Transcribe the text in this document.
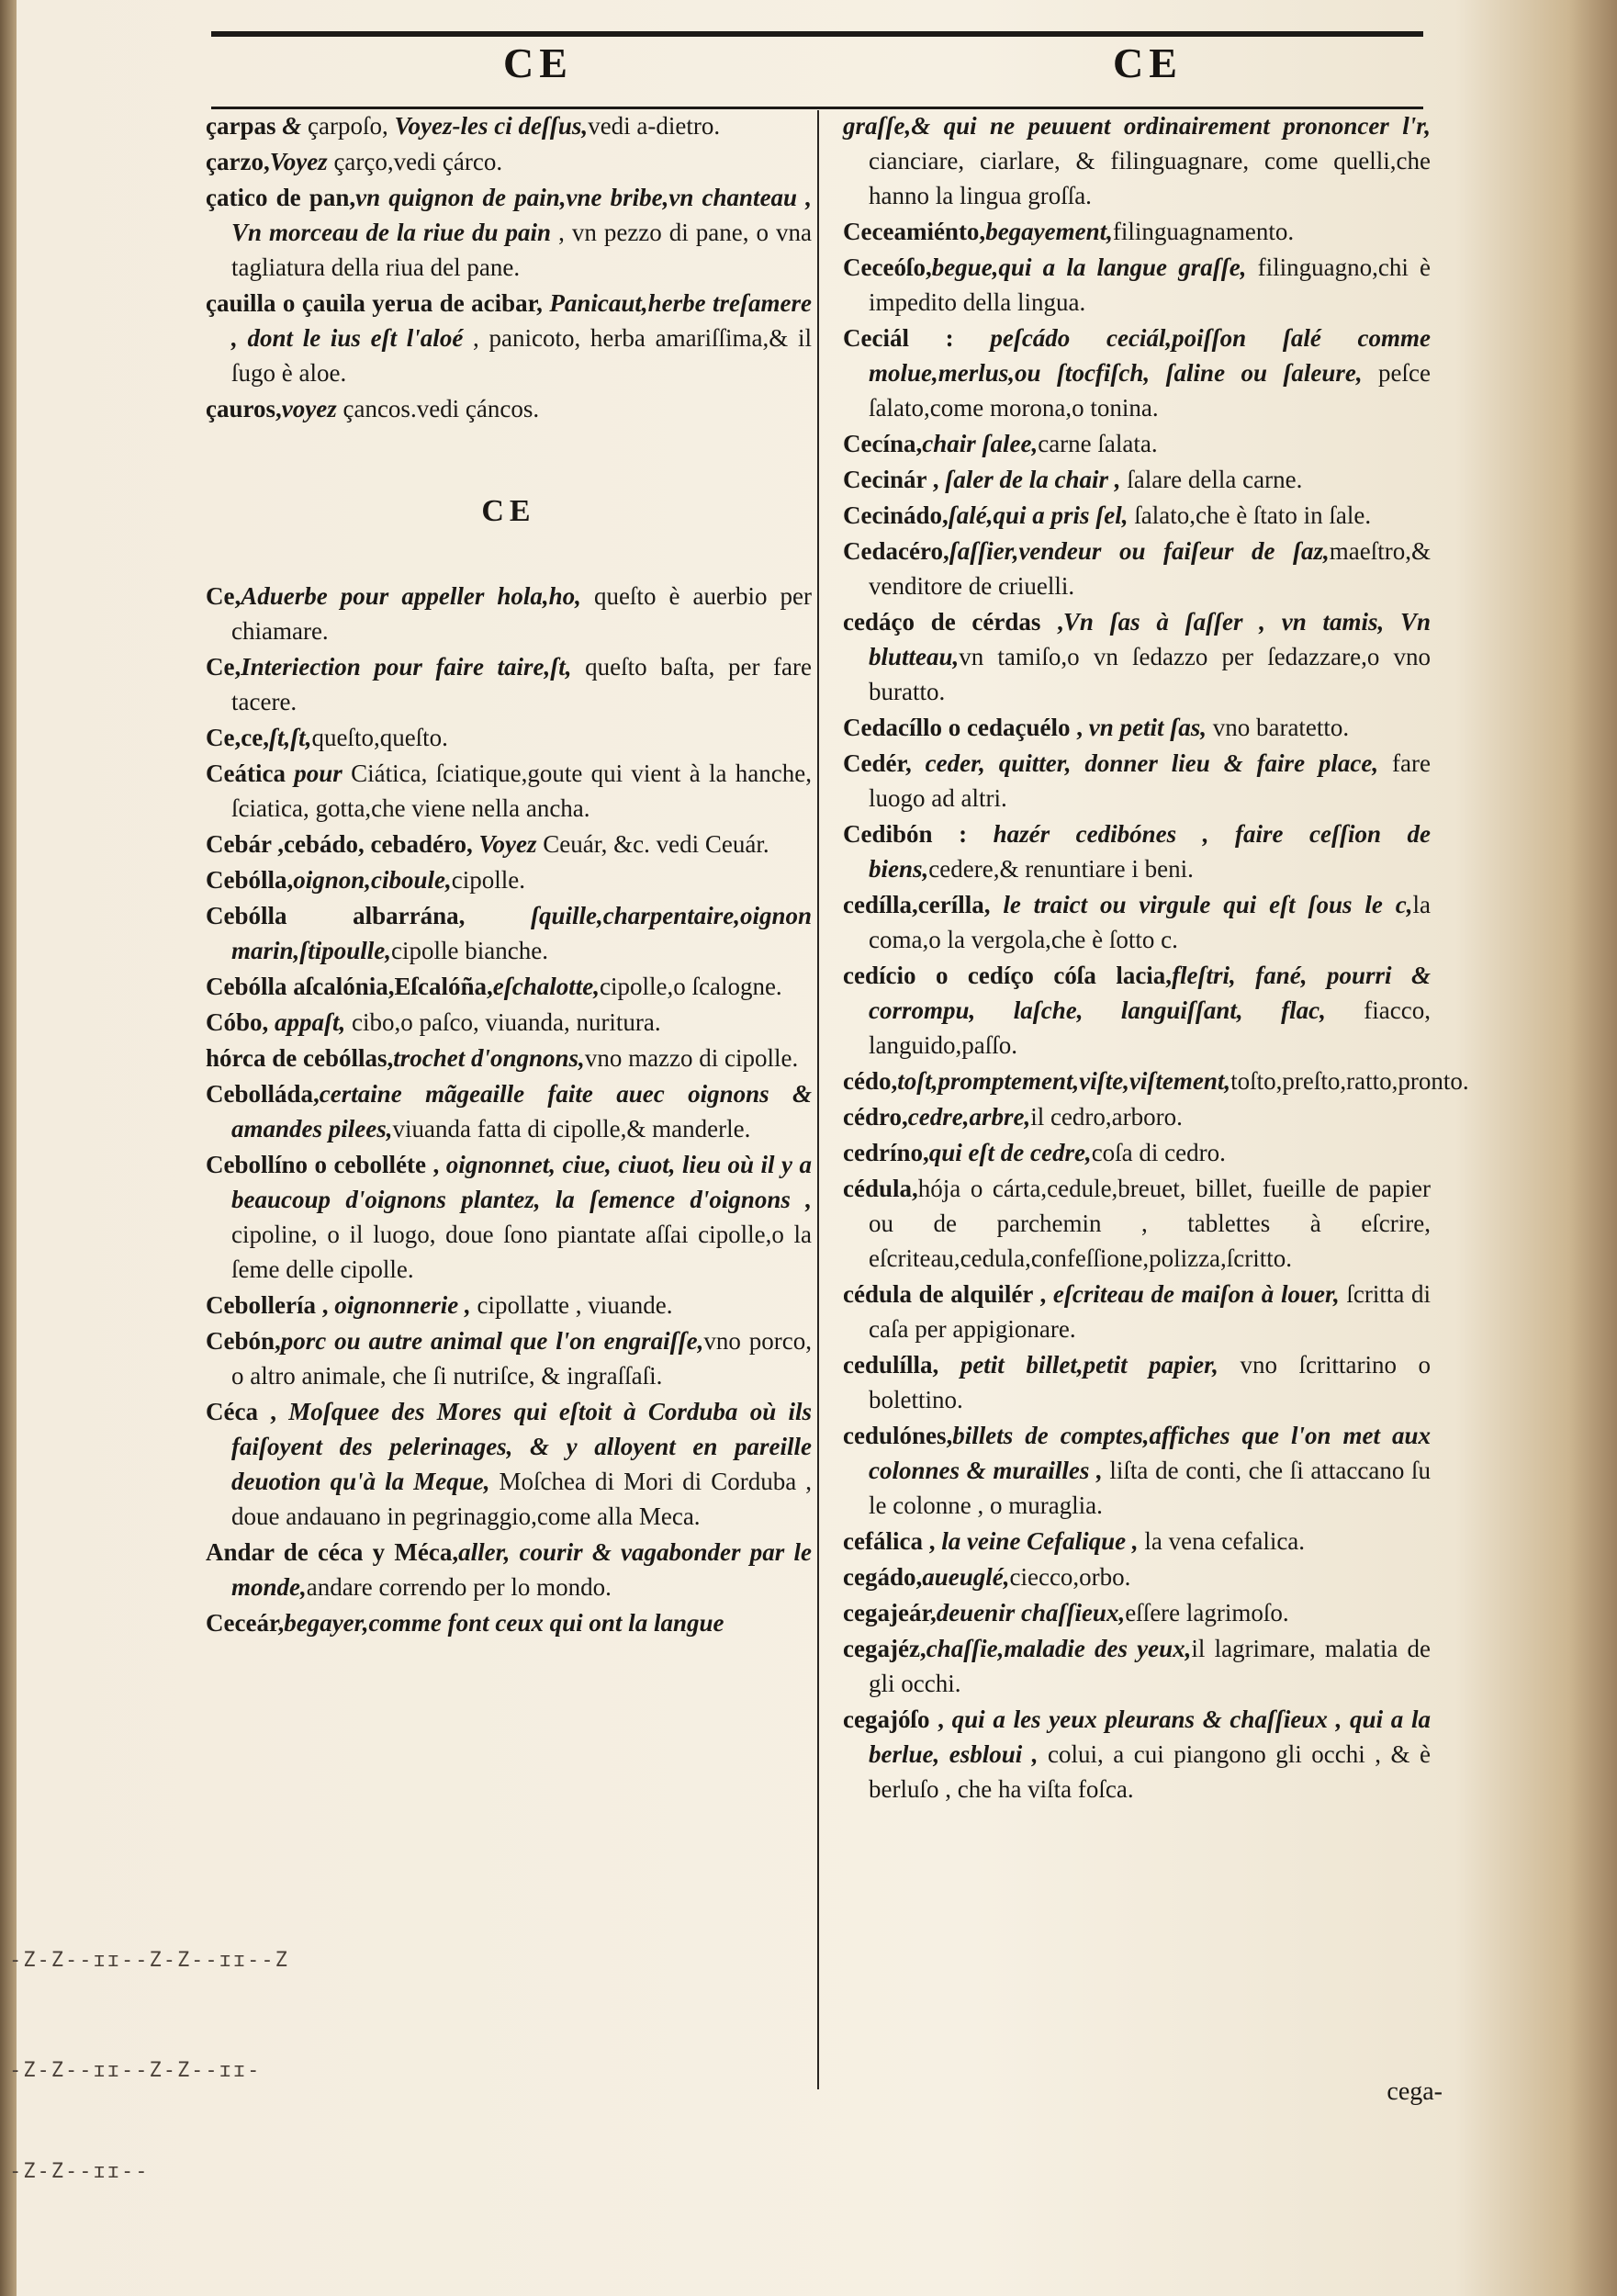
CE	CE

çarpas & çarpoſo, Voyez-les ci deſſus,vedi a-dietro.

çarzo,Voyez çarço,vedi çárco.

çatico de pan,vn quignon de pain,vne bribe,vn chanteau , Vn morceau de la riue du pain , vn pezzo di pane, o vna tagliatura della riua del pane.

çauilla o çauila yerua de acibar, Panicaut,herbe treſamere , dont le ius eſt l'aloé , panicoto, herba amariſſima,& il ſugo è aloe.

çauros,voyez çancos.vedi çáncos.

CE

Ce,Aduerbe pour appeller hola,ho, queſto è auerbio per chiamare.

Ce,Interiection pour faire taire,ſt, queſto baſta, per fare tacere.

Ce,ce,ſt,ſt,queſto,queſto.

Ceática pour Ciática, ſciatique,goute qui vient à la hanche, ſciatica, gotta,che viene nella ancha.

Cebár ,cebádo, cebadéro, Voyez Ceuár, &c. vedi Ceuár.

Cebólla,oignon,ciboule,cipolle.

Cebólla albarrána, ſquille,charpentaire,oignon marin,ſtipoulle,cipolle bianche.

Cebólla aſcalónia,Eſcalóña,eſchalotte,cipolle,o ſcalogne.

Cóbo, appaſt, cibo,o paſco, viuanda, nuritura.

hórca de cebóllas,trochet d'ongnons,vno mazzo di cipolle.

Cebolláda,certaine mãgeaille faite auec oignons & amandes pilees,viuanda fatta di cipolle,& manderle.

Cebollíno o cebolléte , oignonnet, ciue, ciuot, lieu où il y a beaucoup d'oignons plantez, la ſemence d'oignons , cipoline, o il luogo, doue ſono piantate aſſai cipolle,o la ſeme delle cipolle.

Cebollería , oignonnerie , cipollatte , viuande.

Cebón,porc ou autre animal que l'on engraiſſe,vno porco, o altro animale, che ſi nutriſce, & ingraſſaſi.

Céca , Moſquee des Mores qui eſtoit à Corduba où ils faiſoyent des pelerinages, & y alloyent en pareille deuotion qu'à la Meque, Moſchea di Mori di Corduba , doue andauano in pegrinaggio,come alla Meca.

Andar de céca y Méca,aller, courir & vagabonder par le monde,andare correndo per lo mondo.

Ceceár,begayer,comme font ceux qui ont la langue

graſſe,& qui ne peuuent ordinairement prononcer l'r, cianciare, ciarlare, & filinguagnare, come quelli,che hanno la lingua groſſa.

Ceceamiénto,begayement,filinguagnamento.

Ceceóſo,begue,qui a la langue graſſe, filinguagno,chi è impedito della lingua.

Ceciál : peſcádo ceciál,poiſſon ſalé comme molue,merlus,ou ſtocfiſch, ſaline ou ſaleure, peſce ſalato,come morona,o tonina.

Cecína,chair ſalee,carne ſalata.

Cecinár , ſaler de la chair , ſalare della carne.

Cecinádo,ſalé,qui a pris ſel, ſalato,che è ſtato in ſale.

Cedacéro,ſaſſier,vendeur ou faiſeur de ſaz,maeſtro,& venditore de criuelli.

cedáço de cérdas ,Vn ſas à ſaſſer , vn tamis, Vn blutteau,vn tamiſo,o vn ſedazzo per ſedazzare,o vno buratto.

Cedacíllo o cedaçuélo , vn petit ſas, vno baratetto.

Cedér, ceder, quitter, donner lieu & faire place, fare luogo ad altri.

Cedibón : hazér cedibónes , faire ceſſion de biens,cedere,& renuntiare i beni.

cedílla,cerílla, le traict ou virgule qui eſt ſous le c,la coma,o la vergola,che è ſotto c.

cedício o cedíço cóſa lacia,fleſtri, fané, pourri & corrompu, laſche, languiſſant, flac, fiacco, languido,paſſo.

cédo,toſt,promptement,viſte,viſtement,toſto,preſto,ratto,pronto.

cédro,cedre,arbre,il cedro,arboro.

cedríno,qui eſt de cedre,coſa di cedro.

cédula,hója o cárta,cedule,breuet, billet, fueille de papier ou de parchemin , tablettes à eſcrire, eſcriteau,cedula,confeſſione,polizza,ſcritto.

cédula de alquilér , eſcriteau de maiſon à louer, ſcritta di caſa per appigionare.

cedulílla, petit billet,petit papier, vno ſcrittarino o bolettino.

cedulónes,billets de comptes,affiches que l'on met aux colonnes & murailles , liſta de conti, che ſi attaccano ſu le colonne , o muraglia.

cefálica , la veine Cefalique , la vena cefalica.

cegádo,aueuglé,ciecco,orbo.

cegajeár,deuenir chaſſieux,eſſere lagrimoſo.

cegajéz,chaſſie,maladie des yeux,il lagrimare, malatia de gli occhi.

cegajóſo , qui a les yeux pleurans & chaſſieux , qui a la berlue, esbloui , colui, a cui piangono gli occhi , & è berluſo , che ha viſta foſca.

cega-
-Z-Z--ɪɪ--Z-Z--ɪɪ--Z
-Z-Z--ɪɪ--Z-Z--ɪɪ-
-Z-Z--ɪɪ--
